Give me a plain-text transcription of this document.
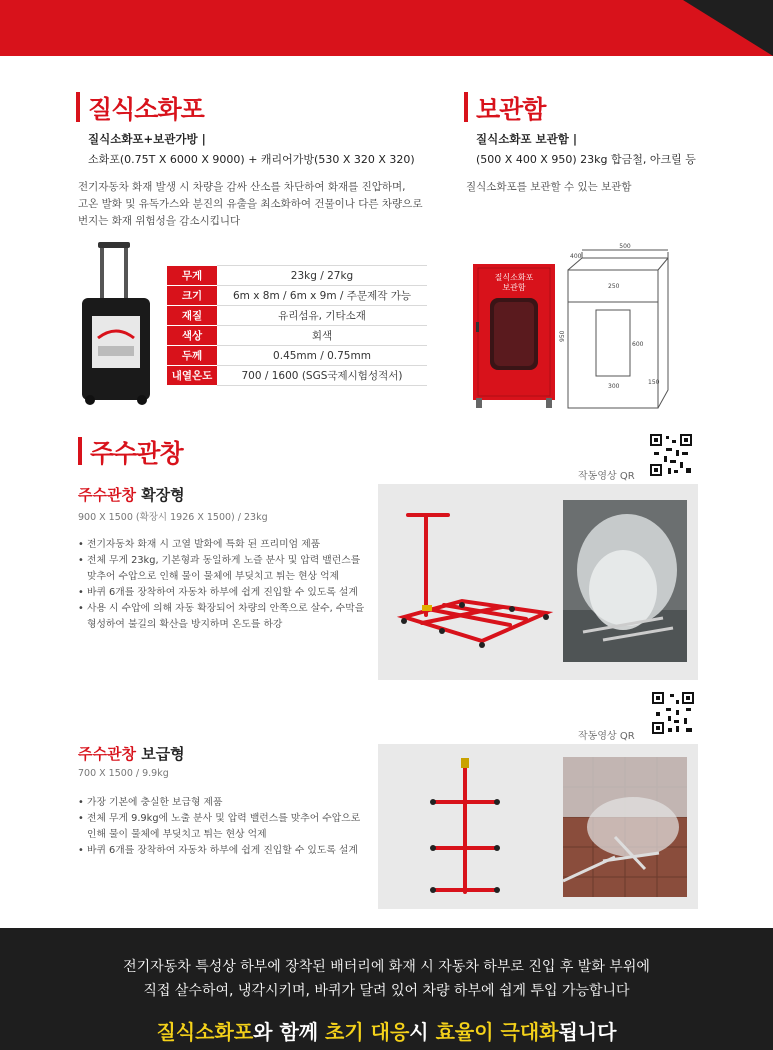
질식소화포
질식소화포+보관가방 |
소화포(0.75T X 6000 X 9000) + 캐리어가방(530 X 320 X 320)
전기자동차 화재 발생 시 차량을 감싸 산소를 차단하여 화재를 진압하며,
고온 발화 및 유독가스와 분진의 유출을 최소화하여 건물이나 다른 차량으로
번지는 화재 위험성을 감소시킵니다
무게	23kg / 27kg
크기	6m x 8m / 6m x 9m / 주문제작 가능
재질	유리섬유, 기타소재
색상	회색
두께	0.45mm / 0.75mm
내열온도	700 / 1600 (SGS국제시험성적서)
보관함
질식소화포 보관함 |
(500 X 400 X 950) 23kg 합금철, 아크릴 등
질식소화포를 보관할 수 있는 보관함
질식소화포
보관함
500
400
950
250
600
300
150
주수관창
작동영상 QR
주수관창 확장형
900 X 1500 (확장시 1926 X 1500) / 23kg
• 전기자동차 화재 시 고열 발화에 특화 된 프리미엄 제품
• 전체 무게 23kg, 기본형과 동일하게 노즐 분사 및 압력 밸런스를 맞추어 수압으로 인해 물이 물체에 부딪치고 튀는 현상 억제
• 바퀴 6개를 장착하여 자동차 하부에 쉽게 진입할 수 있도록 설계
• 사용 시 수압에 의해 자동 확장되어 차량의 안쪽으로 살수, 수막을 형성하여 불길의 확산을 방지하며 온도를 하강
작동영상 QR
주수관창 보급형
700 X 1500 / 9.9kg
• 가장 기본에 충실한 보급형 제품
• 전체 무게 9.9kg에 노출 분사 및 압력 밸런스를 맞추어 수압으로 인해 물이 물체에 부딪치고 튀는 현상 억제
• 바퀴 6개를 장착하여 자동차 하부에 쉽게 진입할 수 있도록 설계
전기자동차 특성상 하부에 장착된 배터리에 화재 시 자동차 하부로 진입 후 발화 부위에
직접 살수하여, 냉각시키며, 바퀴가 달려 있어 차량 하부에 쉽게 투입 가능합니다
질식소화포와 함께 초기 대응시 효율이 극대화됩니다
